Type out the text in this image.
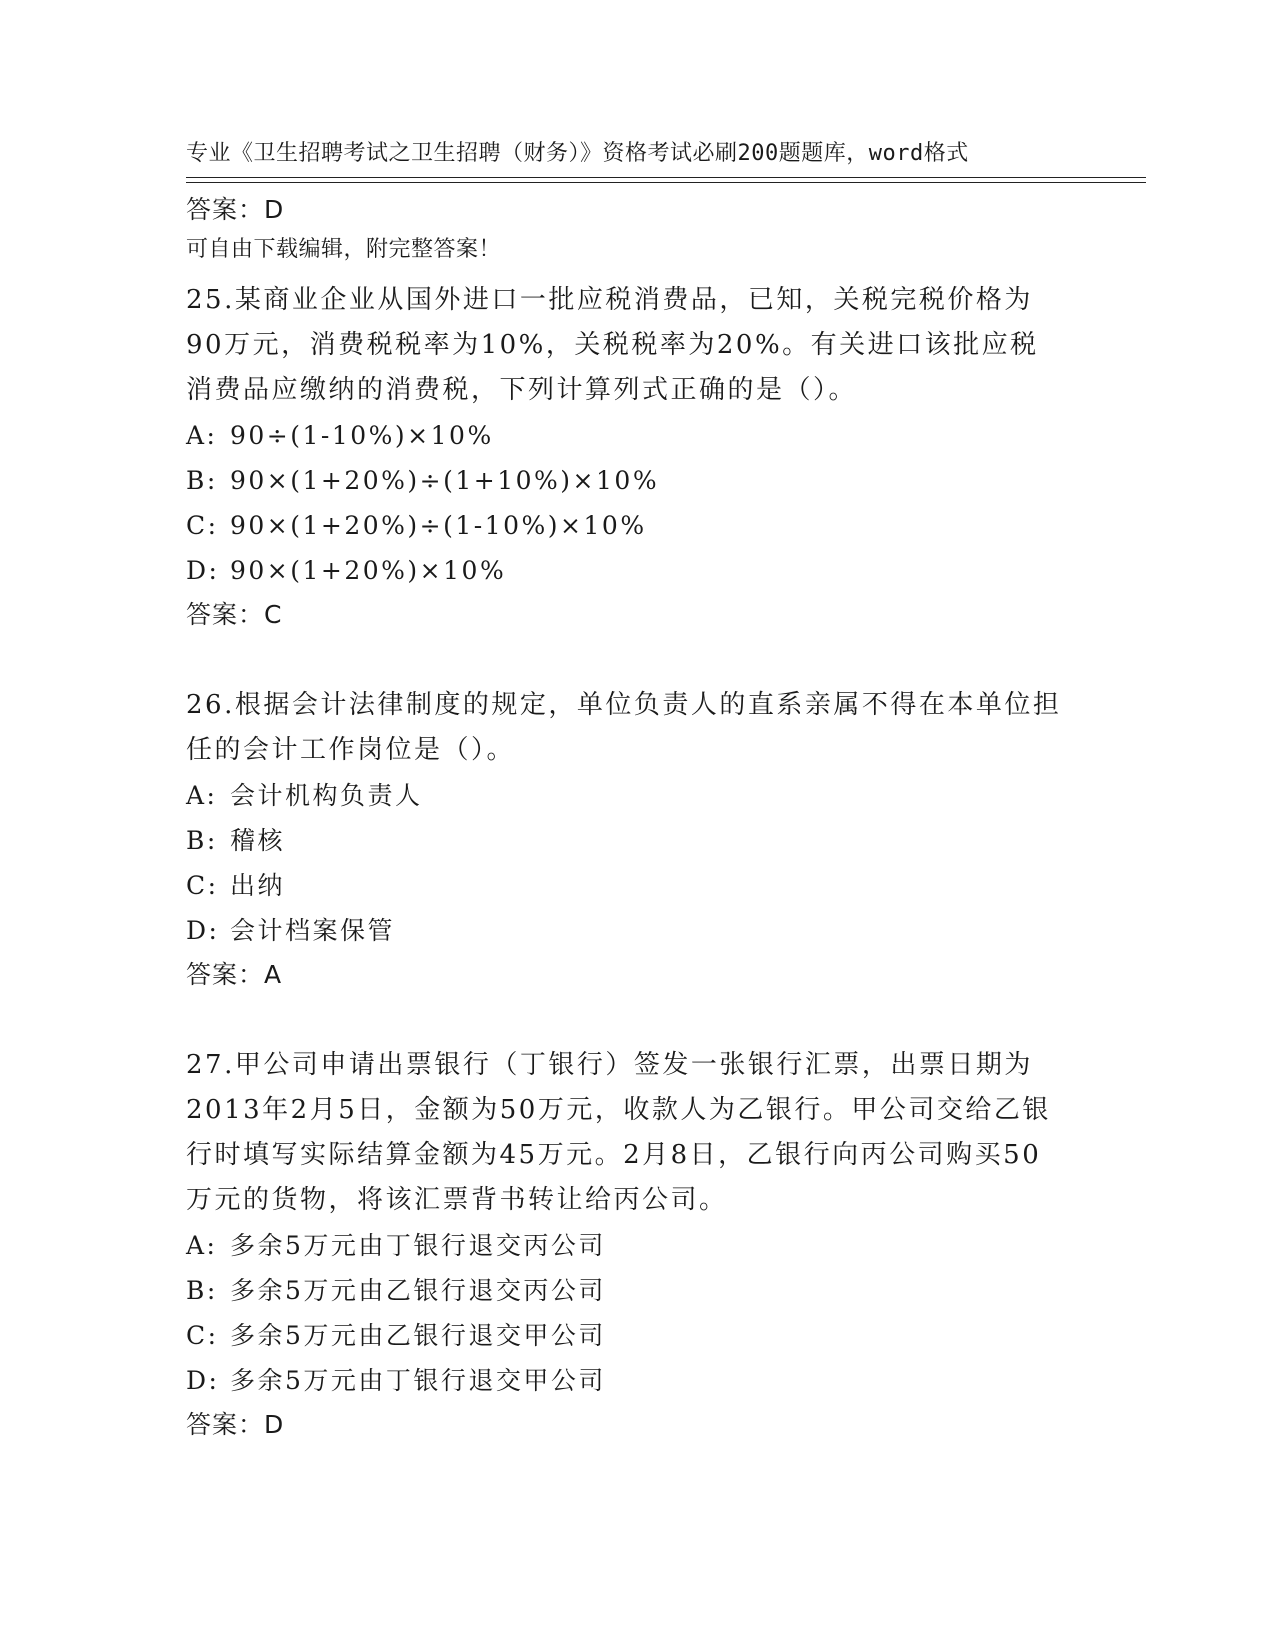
专业《卫生招聘考试之卫生招聘（财务）》资格考试必刷200题题库，word格式

可自由下载编辑，附完整答案！

答案：D
25.某商业企业从国外进口一批应税消费品，已知，关税完税价格为90万元，消费税税率为10%，关税税率为20%。有关进口该批应税消费品应缴纳的消费税，下列计算列式正确的是（）。
A: 90÷(1-10%)×10%
B: 90×(1+20%)÷(1+10%)×10%
C: 90×(1+20%)÷(1-10%)×10%
D: 90×(1+20%)×10%
答案：C
26.根据会计法律制度的规定，单位负责人的直系亲属不得在本单位担任的会计工作岗位是（）。
A: 会计机构负责人
B: 稽核
C: 出纳
D: 会计档案保管
答案：A
27.甲公司申请出票银行（丁银行）签发一张银行汇票，出票日期为2013年2月5日，金额为50万元，收款人为乙银行。甲公司交给乙银行时填写实际结算金额为45万元。2月8日，乙银行向丙公司购买50万元的货物，将该汇票背书转让给丙公司。
A: 多余5万元由丁银行退交丙公司
B: 多余5万元由乙银行退交丙公司
C: 多余5万元由乙银行退交甲公司
D: 多余5万元由丁银行退交甲公司
答案：D
